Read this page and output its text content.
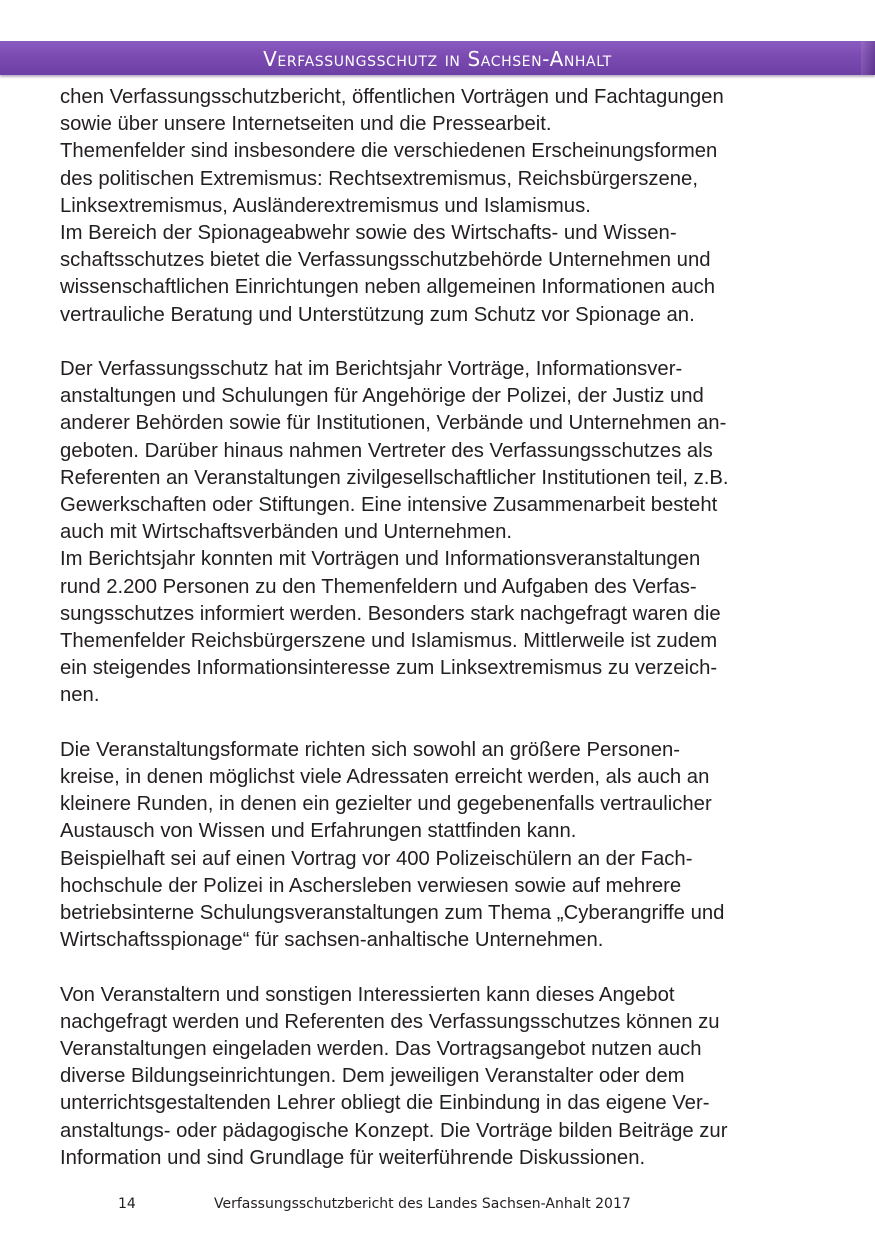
Verfassungsschutz in Sachsen-Anhalt
chen Verfassungsschutzbericht, öffentlichen Vorträgen und Fachtagungen
sowie über unsere Internetseiten und die Pressearbeit.
Themenfelder sind insbesondere die verschiedenen Erscheinungsformen
des politischen Extremismus: Rechtsextremismus, Reichsbürgerszene,
Linksextremismus, Ausländerextremismus und Islamismus.
Im Bereich der Spionageabwehr sowie des Wirtschafts- und Wissen-
schaftsschutzes bietet die Verfassungsschutzbehörde Unternehmen und
wissenschaftlichen Einrichtungen neben allgemeinen Informationen auch
vertrauliche Beratung und Unterstützung zum Schutz vor Spionage an.
Der Verfassungsschutz hat im Berichtsjahr Vorträge, Informationsver-
anstaltungen und Schulungen für Angehörige der Polizei, der Justiz und
anderer Behörden sowie für Institutionen, Verbände und Unternehmen an-
geboten. Darüber hinaus nahmen Vertreter des Verfassungsschutzes als
Referenten an Veranstaltungen zivilgesellschaftlicher Institutionen teil, z.B.
Gewerkschaften oder Stiftungen. Eine intensive Zusammenarbeit besteht
auch mit Wirtschaftsverbänden und Unternehmen.
Im Berichtsjahr konnten mit Vorträgen und Informationsveranstaltungen
rund 2.200 Personen zu den Themenfeldern und Aufgaben des Verfas-
sungsschutzes informiert werden. Besonders stark nachgefragt waren die
Themenfelder Reichsbürgerszene und Islamismus. Mittlerweile ist zudem
ein steigendes Informationsinteresse zum Linksextremismus zu verzeich-
nen.
Die Veranstaltungsformate richten sich sowohl an größere Personen-
kreise, in denen möglichst viele Adressaten erreicht werden, als auch an
kleinere Runden, in denen ein gezielter und gegebenenfalls vertraulicher
Austausch von Wissen und Erfahrungen stattfinden kann.
Beispielhaft sei auf einen Vortrag vor 400 Polizeischülern an der Fach-
hochschule der Polizei in Aschersleben verwiesen sowie auf mehrere
betriebsinterne Schulungsveranstaltungen zum Thema „Cyberangriffe und
Wirtschaftsspionage“ für sachsen-anhaltische Unternehmen.
Von Veranstaltern und sonstigen Interessierten kann dieses Angebot
nachgefragt werden und Referenten des Verfassungsschutzes können zu
Veranstaltungen eingeladen werden. Das Vortragsangebot nutzen auch
diverse Bildungseinrichtungen. Dem jeweiligen Veranstalter oder dem
unterrichtsgestaltenden Lehrer obliegt die Einbindung in das eigene Ver-
anstaltungs- oder pädagogische Konzept. Die Vorträge bilden Beiträge zur
Information und sind Grundlage für weiterführende Diskussionen.
14	Verfassungsschutzbericht des Landes Sachsen-Anhalt 2017
